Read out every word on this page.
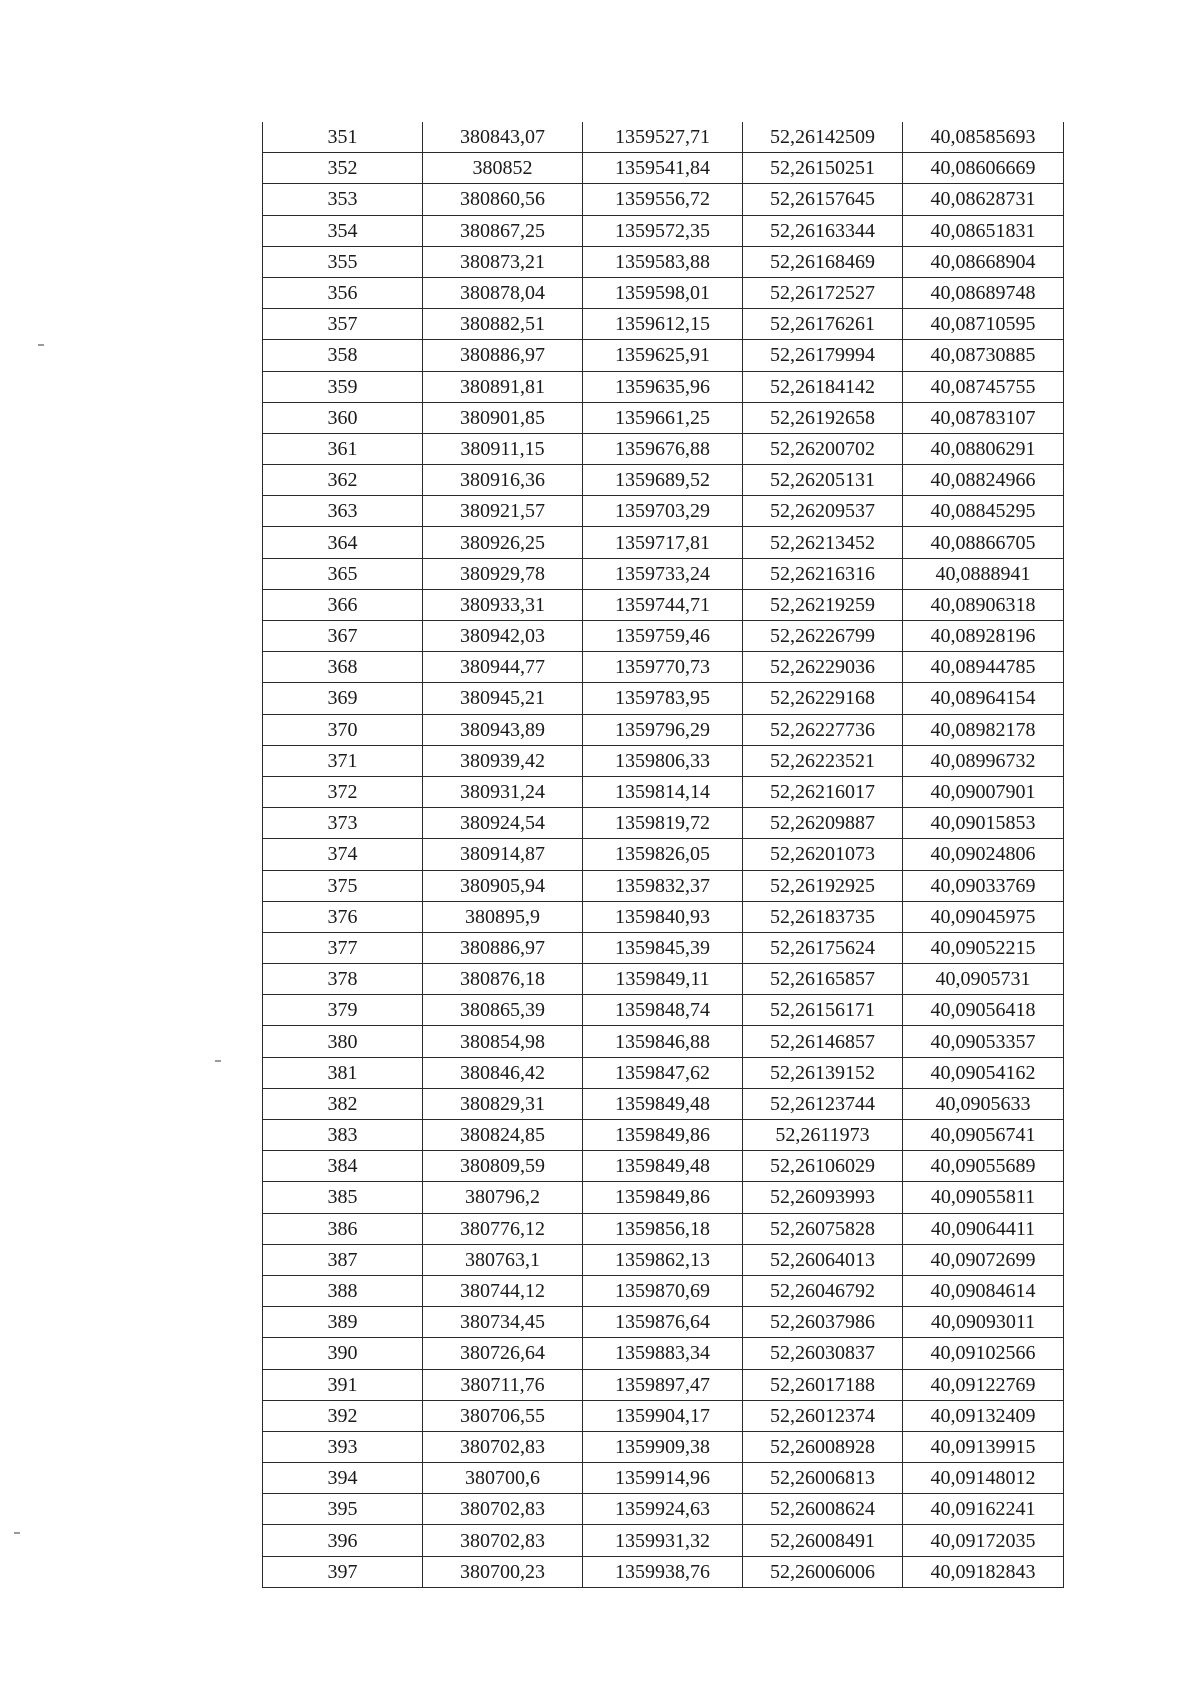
351	380843,07	1359527,71	52,26142509	40,08585693
352	380852	1359541,84	52,26150251	40,08606669
353	380860,56	1359556,72	52,26157645	40,08628731
354	380867,25	1359572,35	52,26163344	40,08651831
355	380873,21	1359583,88	52,26168469	40,08668904
356	380878,04	1359598,01	52,26172527	40,08689748
357	380882,51	1359612,15	52,26176261	40,08710595
358	380886,97	1359625,91	52,26179994	40,08730885
359	380891,81	1359635,96	52,26184142	40,08745755
360	380901,85	1359661,25	52,26192658	40,08783107
361	380911,15	1359676,88	52,26200702	40,08806291
362	380916,36	1359689,52	52,26205131	40,08824966
363	380921,57	1359703,29	52,26209537	40,08845295
364	380926,25	1359717,81	52,26213452	40,08866705
365	380929,78	1359733,24	52,26216316	40,0888941
366	380933,31	1359744,71	52,26219259	40,08906318
367	380942,03	1359759,46	52,26226799	40,08928196
368	380944,77	1359770,73	52,26229036	40,08944785
369	380945,21	1359783,95	52,26229168	40,08964154
370	380943,89	1359796,29	52,26227736	40,08982178
371	380939,42	1359806,33	52,26223521	40,08996732
372	380931,24	1359814,14	52,26216017	40,09007901
373	380924,54	1359819,72	52,26209887	40,09015853
374	380914,87	1359826,05	52,26201073	40,09024806
375	380905,94	1359832,37	52,26192925	40,09033769
376	380895,9	1359840,93	52,26183735	40,09045975
377	380886,97	1359845,39	52,26175624	40,09052215
378	380876,18	1359849,11	52,26165857	40,0905731
379	380865,39	1359848,74	52,26156171	40,09056418
380	380854,98	1359846,88	52,26146857	40,09053357
381	380846,42	1359847,62	52,26139152	40,09054162
382	380829,31	1359849,48	52,26123744	40,0905633
383	380824,85	1359849,86	52,2611973	40,09056741
384	380809,59	1359849,48	52,26106029	40,09055689
385	380796,2	1359849,86	52,26093993	40,09055811
386	380776,12	1359856,18	52,26075828	40,09064411
387	380763,1	1359862,13	52,26064013	40,09072699
388	380744,12	1359870,69	52,26046792	40,09084614
389	380734,45	1359876,64	52,26037986	40,09093011
390	380726,64	1359883,34	52,26030837	40,09102566
391	380711,76	1359897,47	52,26017188	40,09122769
392	380706,55	1359904,17	52,26012374	40,09132409
393	380702,83	1359909,38	52,26008928	40,09139915
394	380700,6	1359914,96	52,26006813	40,09148012
395	380702,83	1359924,63	52,26008624	40,09162241
396	380702,83	1359931,32	52,26008491	40,09172035
397	380700,23	1359938,76	52,26006006	40,09182843
